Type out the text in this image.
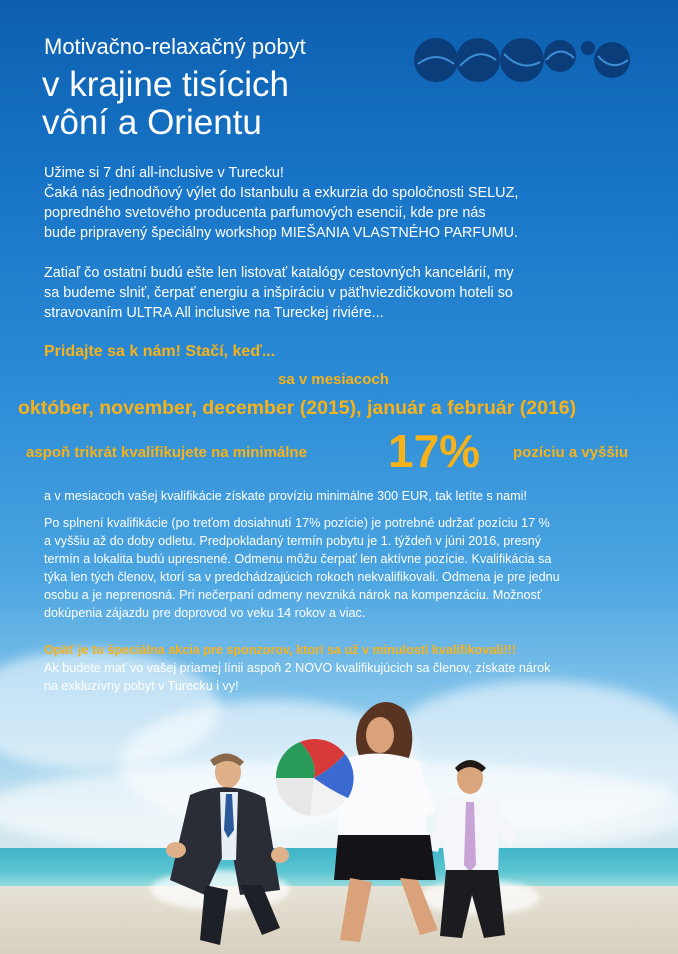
Motivačno-relaxačný pobyt
v krajine tisícich
vôní a Orientu
Užime si 7 dní all-inclusive v Turecku!
Čaká nás jednodňový výlet do Istanbulu a exkurzia do spoločnosti SELUZ,
popredného svetového producenta parfumových esencií, kde pre nás
bude pripravený špeciálny workshop MIEŠANIA VLASTNÉHO PARFUMU.
Zatiaľ čo ostatní budú ešte len listovať katalógy cestovných kancelárií, my
sa budeme slniť, čerpať energiu a inšpiráciu v päťhviezdičkovom hoteli so
stravovaním ULTRA All inclusive na Tureckej riviére...
Pridajte sa k nám! Stačí, keď...
sa v mesiacoch
október, november, december (2015), január a február (2016)
aspoň trikrát kvalifikujete na minimálne 17% pozíciu a vyššiu
a v mesiacoch vašej kvalifikácie získate províziu minimálne 300 EUR, tak letíte s nami!
Po splnení kvalifikácie (po treťom dosiahnutí 17% pozície) je potrebné udržať pozíciu 17 %
a vyššiu až do doby odletu. Predpokladaný termín pobytu je 1. týždeň v júni 2016, presný
termín a lokalita budú upresnené. Odmenu môžu čerpať len aktívne pozície. Kvalifikácia sa
týka len tých členov, ktorí sa v predchádzajúcich rokoch nekvalifikovali. Odmena je pre jednu
osobu a je neprenosná. Pri nečerpaní odmeny nevzniká nárok na kompenzáciu. Možnosť
dokúpenia zájazdu pre doprovod vo veku 14 rokov a viac.
Opäť je tu špeciálna akcia pre sponzorov, ktorí sa už v minulosti kvalifikovali!!!
Ak budete mať vo vašej priamej línii aspoň 2 NOVO kvalifikujúcich sa členov, získate nárok
na exkluzívny pobyt v Turecku i vy!
